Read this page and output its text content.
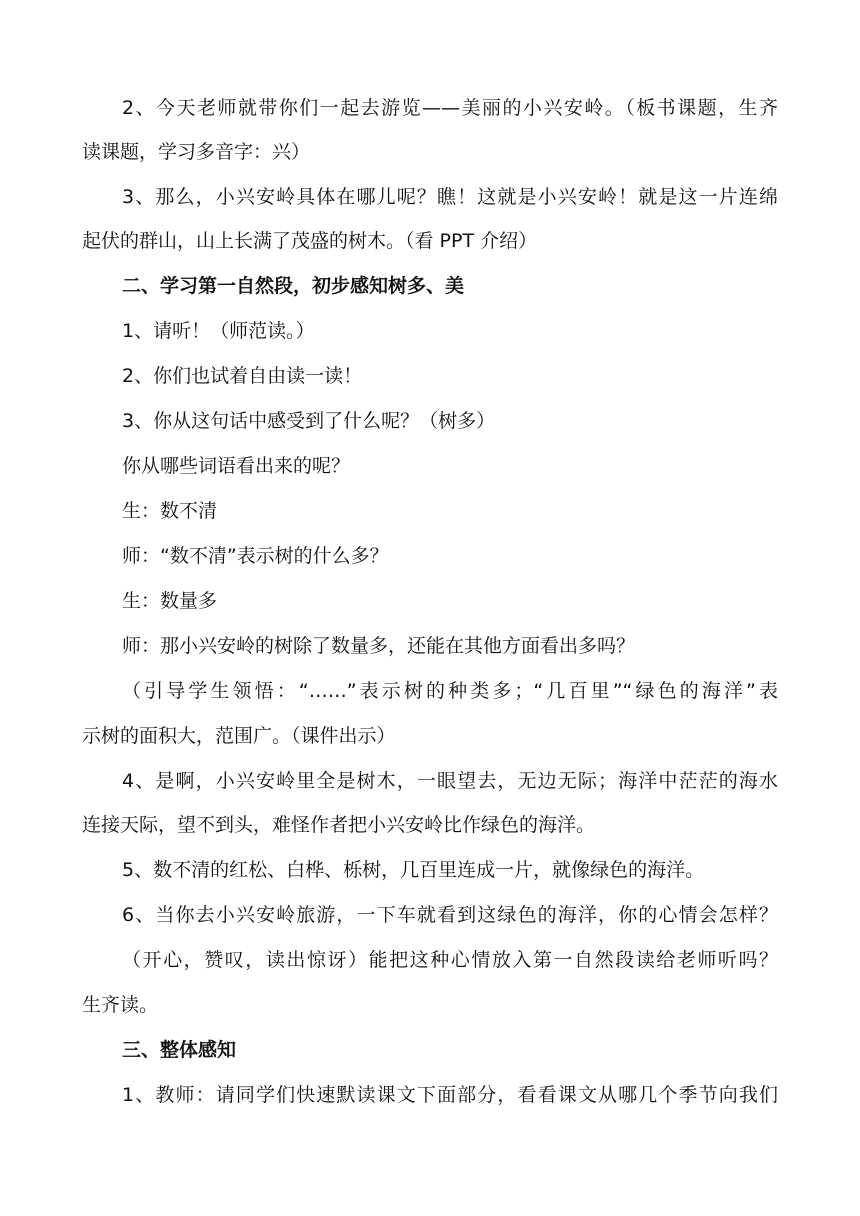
2、今天老师就带你们一起去游览——美丽的小兴安岭。（板书课题，生齐
读课题，学习多音字：兴）
3、那么，小兴安岭具体在哪儿呢？瞧！这就是小兴安岭！就是这一片连绵
起伏的群山，山上长满了茂盛的树木。（看 PPT 介绍）
二、学习第一自然段，初步感知树多、美
1、请听！（师范读。）
2、你们也试着自由读一读！
3、你从这句话中感受到了什么呢？（树多）
你从哪些词语看出来的呢？
生：数不清
师：“数不清”表示树的什么多？
生：数量多
师：那小兴安岭的树除了数量多，还能在其他方面看出多吗？
（引导学生领悟：“……”表示树的种类多；“几百里”“绿色的海洋”表
示树的面积大，范围广。（课件出示）
4、是啊，小兴安岭里全是树木，一眼望去，无边无际；海洋中茫茫的海水
连接天际，望不到头，难怪作者把小兴安岭比作绿色的海洋。
5、数不清的红松、白桦、栎树，几百里连成一片，就像绿色的海洋。
6、当你去小兴安岭旅游，一下车就看到这绿色的海洋，你的心情会怎样？
（开心，赞叹，读出惊讶）能把这种心情放入第一自然段读给老师听吗？
生齐读。
三、整体感知
1、教师：请同学们快速默读课文下面部分，看看课文从哪几个季节向我们
